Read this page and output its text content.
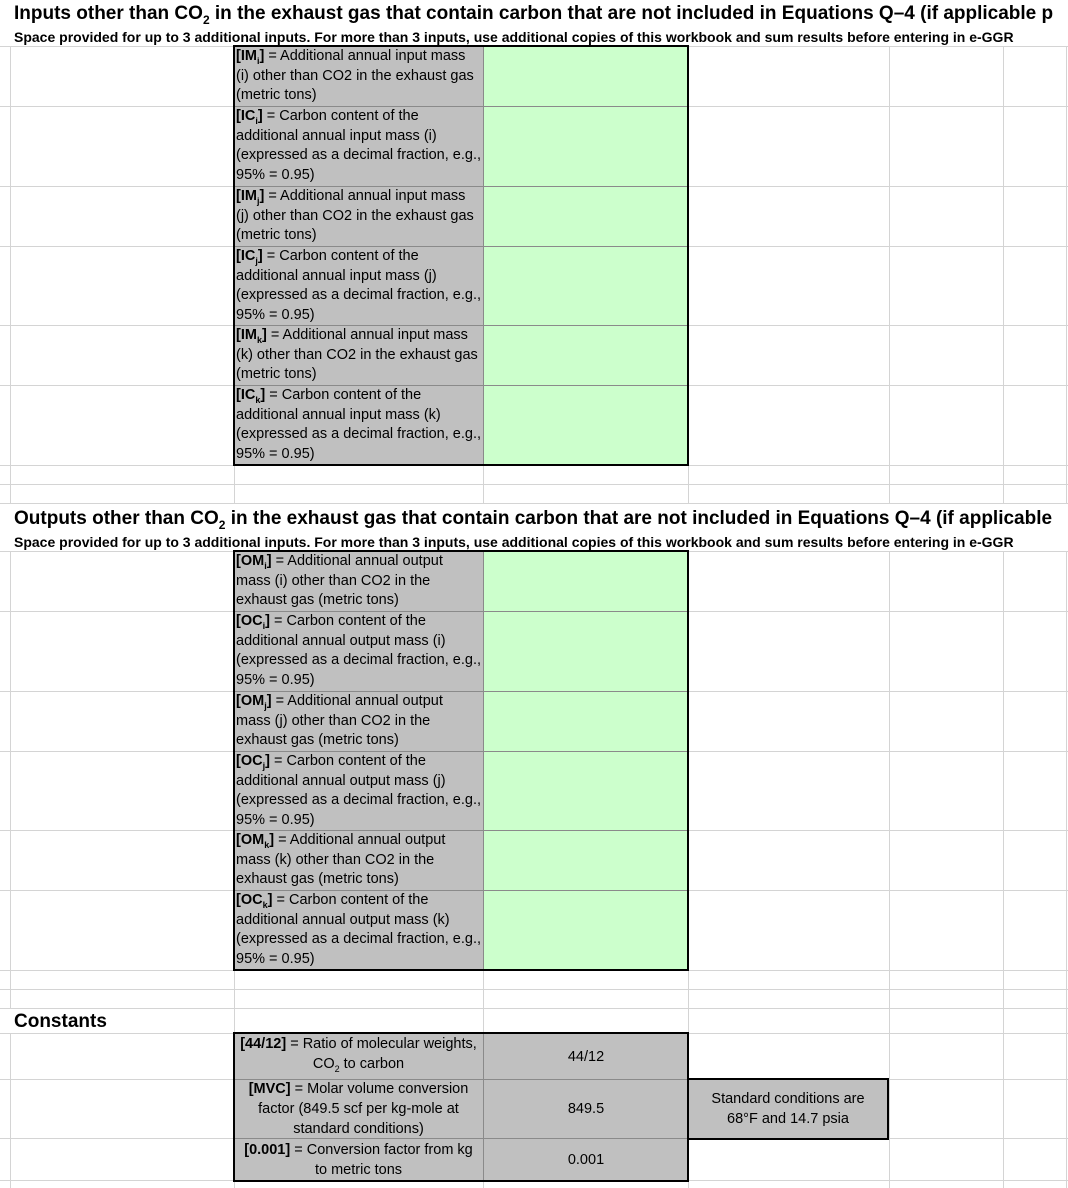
Inputs other than $CO_2$ in the exhaust gas that contain carbon that are not included in Equations Q–4 (if applicable p
Space provided for up to 3 additional inputs. For more than 3 inputs, use additional copies of this workbook and sum results before entering in e-GGR
$[IM_i]$ = Additional annual input mass (i) other than CO2 in the exhaust gas (metric tons)
$[IC_i]$ = Carbon content of the additional annual input mass (i) (expressed as a decimal fraction, e.g., 95% = 0.95)
$[IM_j]$ = Additional annual input mass (j) other than CO2 in the exhaust gas (metric tons)
$[IC_j]$ = Carbon content of the additional annual input mass (j) (expressed as a decimal fraction, e.g., 95% = 0.95)
$[IM_k]$ = Additional annual input mass (k) other than CO2 in the exhaust gas (metric tons)
$[IC_k]$ = Carbon content of the additional annual input mass (k) (expressed as a decimal fraction, e.g., 95% = 0.95)
Outputs other than $CO_2$ in the exhaust gas that contain carbon that are not included in Equations Q–4 (if applicable
Space provided for up to 3 additional inputs. For more than 3 inputs, use additional copies of this workbook and sum results before entering in e-GGR
$[OM_i]$ = Additional annual output mass (i) other than CO2 in the exhaust gas (metric tons)
$[OC_i]$ = Carbon content of the additional annual output mass (i) (expressed as a decimal fraction, e.g., 95% = 0.95)
$[OM_j]$ = Additional annual output mass (j) other than CO2 in the exhaust gas (metric tons)
$[OC_j]$ = Carbon content of the additional annual output mass (j) (expressed as a decimal fraction, e.g., 95% = 0.95)
$[OM_k]$ = Additional annual output mass (k) other than CO2 in the exhaust gas (metric tons)
$[OC_k]$ = Carbon content of the additional annual output mass (k) (expressed as a decimal fraction, e.g., 95% = 0.95)
Constants
[44/12] = Ratio of molecular weights,
$CO_2$ to carbon	44/12
[MVC] = Molar volume conversion factor (849.5 scf per kg-mole at standard conditions)
849.5
[0.001] = Conversion factor from kg to metric tons
0.001
Standard conditions are 68°F and 14.7 psia
